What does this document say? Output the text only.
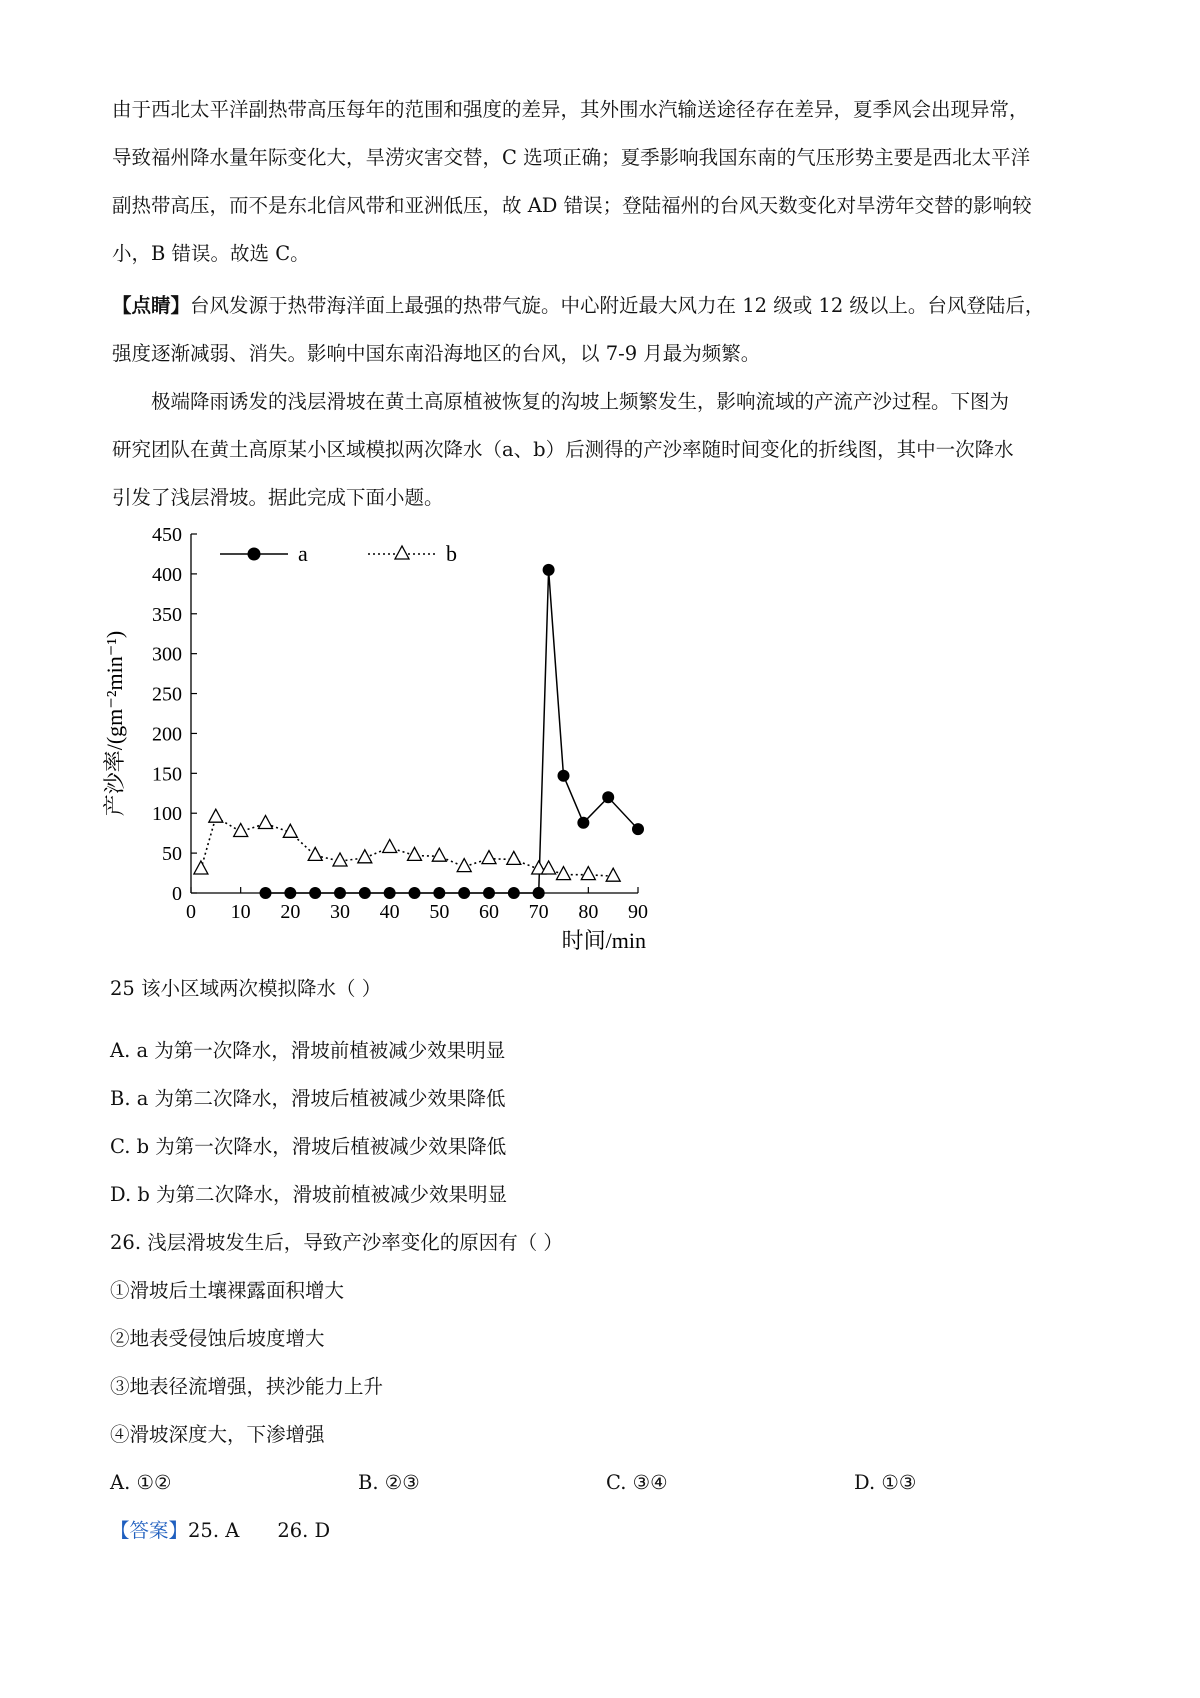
由于西北太平洋副热带高压每年的范围和强度的差异，其外围水汽输送途径存在差异，夏季风会出现异常，
导致福州降水量年际变化大，旱涝灾害交替，C 选项正确；夏季影响我国东南的气压形势主要是西北太平洋
副热带高压，而不是东北信风带和亚洲低压，故 AD 错误；登陆福州的台风天数变化对旱涝年交替的影响较
小，B 错误。故选 C。
【点睛】台风发源于热带海洋面上最强的热带气旋。中心附近最大风力在 12 级或 12 级以上。台风登陆后，
强度逐渐减弱、消失。影响中国东南沿海地区的台风，以 7-9 月最为频繁。
极端降雨诱发的浅层滑坡在黄土高原植被恢复的沟坡上频繁发生，影响流域的产流产沙过程。下图为
研究团队在黄土高原某小区域模拟两次降水（a、b）后测得的产沙率随时间变化的折线图，其中一次降水
引发了浅层滑坡。据此完成下面小题。
0
50
100
150
200
250
300
350
400
450
0 10 20 30 40 50 60 70 80 90
时间/min
产沙率/(gm⁻²min⁻¹)
a	b
25 该小区域两次模拟降水（ ）
A. a 为第一次降水，滑坡前植被减少效果明显
B. a 为第二次降水，滑坡后植被减少效果降低
C. b 为第一次降水，滑坡后植被减少效果降低
D. b 为第二次降水，滑坡前植被减少效果明显
26. 浅层滑坡发生后，导致产沙率变化的原因有（ ）
①滑坡后土壤裸露面积增大
②地表受侵蚀后坡度增大
③地表径流增强，挟沙能力上升
④滑坡深度大，下渗增强
A. ①②	B. ②③	C. ③④	D. ①③
【答案】25. A 26. D
